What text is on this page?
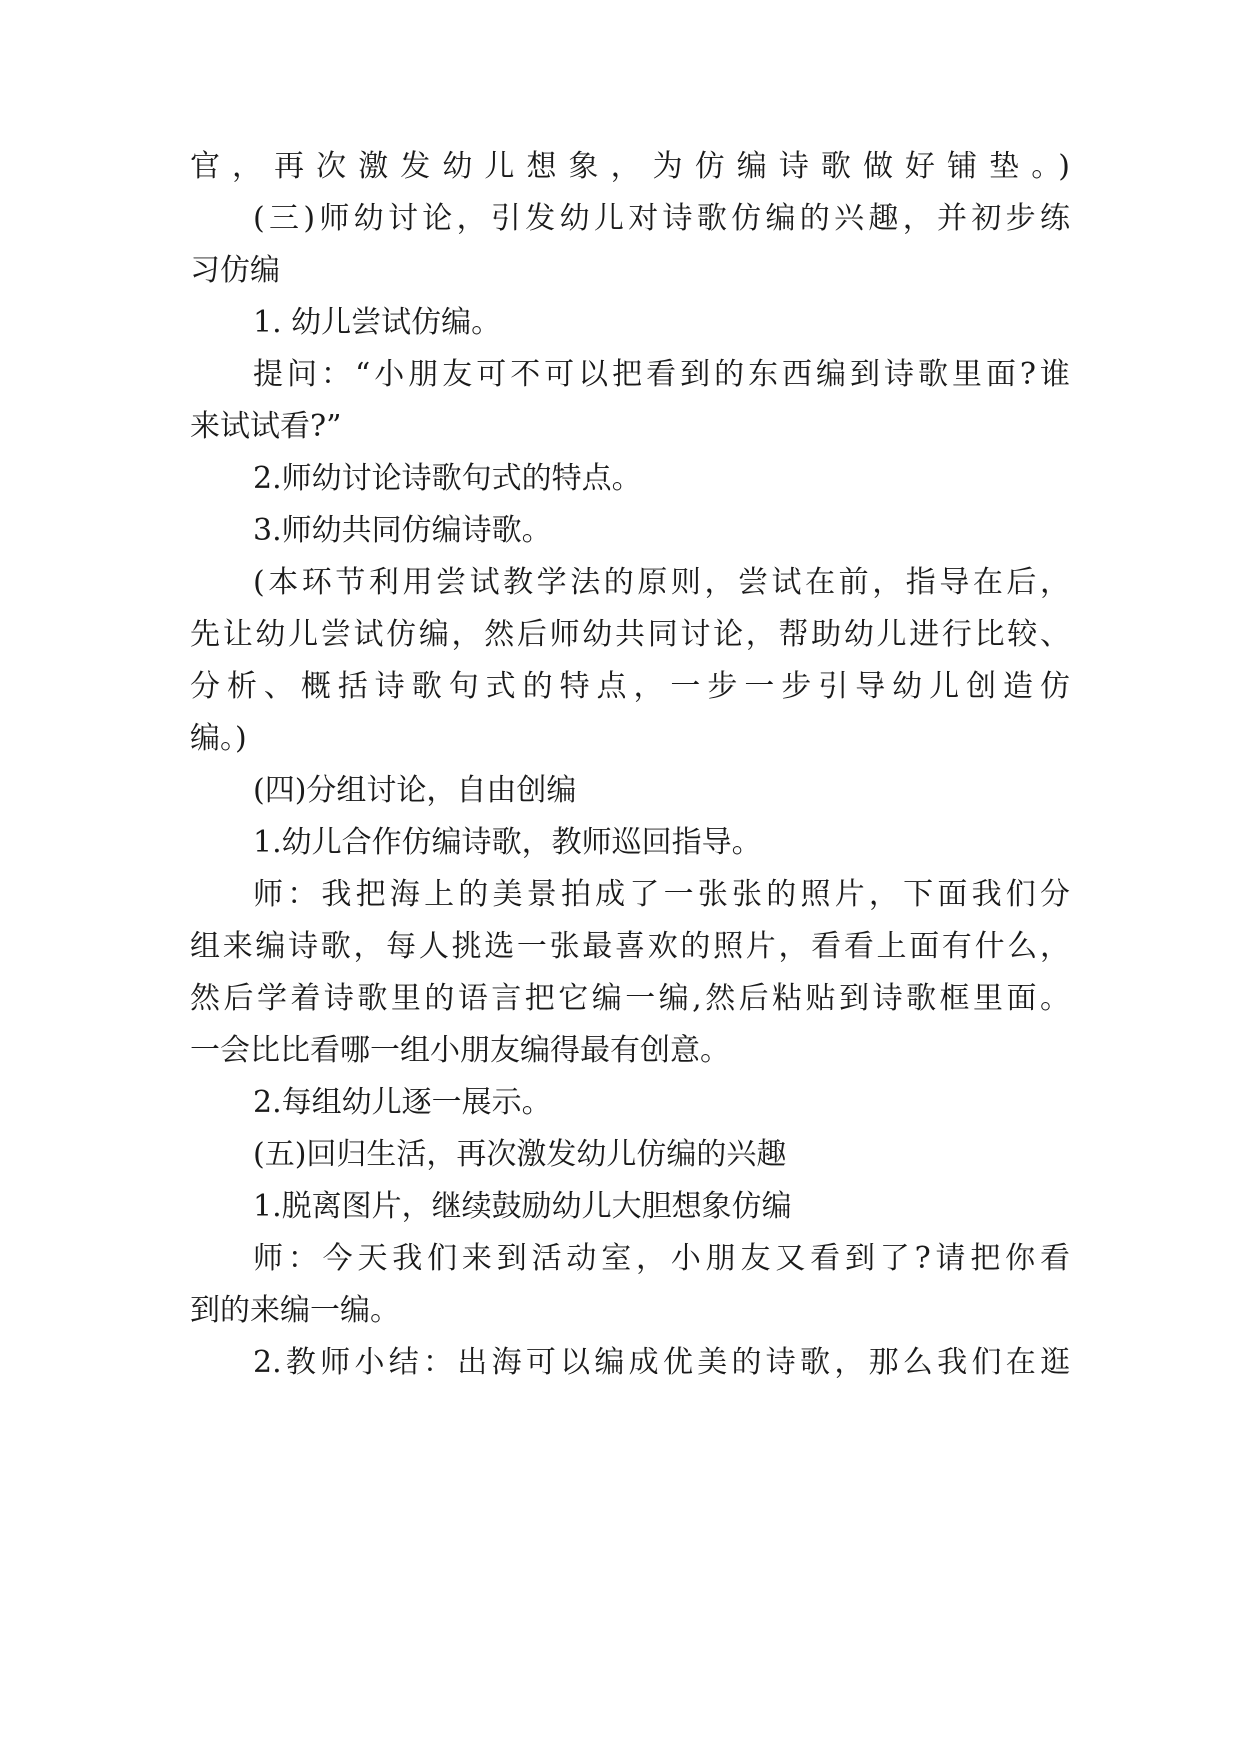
官，再次激发幼儿想象，为仿编诗歌做好铺垫。)
(三)师幼讨论，引发幼儿对诗歌仿编的兴趣，并初步练
习仿编
1. 幼儿尝试仿编。
提问：“小朋友可不可以把看到的东西编到诗歌里面?谁
来试试看?”
2.师幼讨论诗歌句式的特点。
3.师幼共同仿编诗歌。
(本环节利用尝试教学法的原则，尝试在前，指导在后，
先让幼儿尝试仿编，然后师幼共同讨论，帮助幼儿进行比较、
分析、概括诗歌句式的特点，一步一步引导幼儿创造仿
编。)
(四)分组讨论，自由创编
1.幼儿合作仿编诗歌，教师巡回指导。
师：我把海上的美景拍成了一张张的照片，下面我们分
组来编诗歌，每人挑选一张最喜欢的照片，看看上面有什么，
然后学着诗歌里的语言把它编一编,然后粘贴到诗歌框里面。
一会比比看哪一组小朋友编得最有创意。
2.每组幼儿逐一展示。
(五)回归生活，再次激发幼儿仿编的兴趣
1.脱离图片，继续鼓励幼儿大胆想象仿编
师：今天我们来到活动室，小朋友又看到了?请把你看
到的来编一编。
2.教师小结：出海可以编成优美的诗歌，那么我们在逛
